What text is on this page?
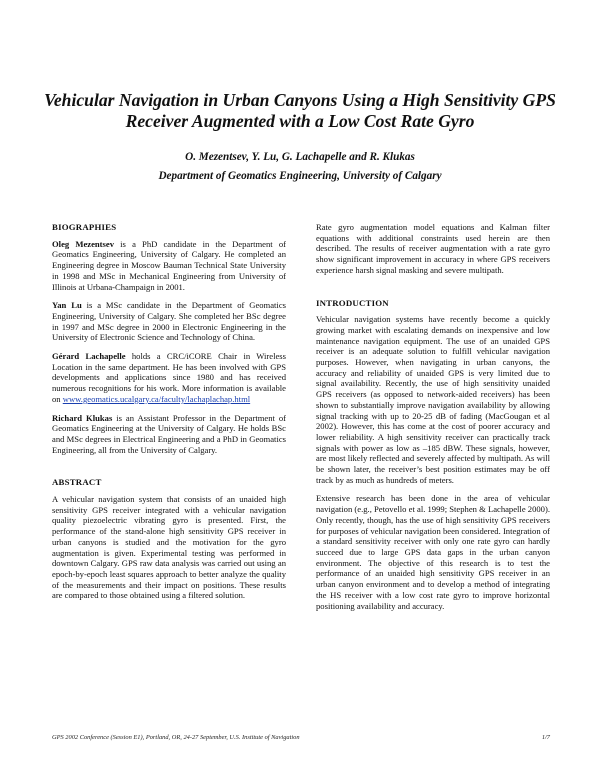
Vehicular Navigation in Urban Canyons Using a High Sensitivity GPS Receiver Augmented with a Low Cost Rate Gyro
O. Mezentsev, Y. Lu, G. Lachapelle and R. Klukas
Department of Geomatics Engineering, University of Calgary
BIOGRAPHIES

Oleg Mezentsev is a PhD candidate in the Department of Geomatics Engineering, University of Calgary. He completed an Engineering degree in Moscow Bauman Technical State University in 1998 and MSc in Mechanical Engineering from University of Illinois at Urbana-Champaign in 2001.

Yan Lu is a MSc candidate in the Department of Geomatics Engineering, University of Calgary. She completed her BSc degree in 1997 and MSc degree in 2000 in Electronic Engineering in the University of Electronic Science and Technology of China.

Gérard Lachapelle holds a CRC/iCORE Chair in Wireless Location in the same department. He has been involved with GPS developments and applications since 1980 and has received numerous recognitions for his work. More information is available on www.geomatics.ucalgary.ca/faculty/lachaplachap.html

Richard Klukas is an Assistant Professor in the Department of Geomatics Engineering at the University of Calgary. He holds BSc and MSc degrees in Electrical Engineering and a PhD in Geomatics Engineering, all from the University of Calgary.

ABSTRACT

A vehicular navigation system that consists of an unaided high sensitivity GPS receiver integrated with a vehicular navigation quality piezoelectric vibrating gyro is presented. First, the performance of the stand-alone high sensitivity GPS receiver in urban canyons is studied and the motivation for the gyro augmentation is given. Experimental testing was performed in downtown Calgary. GPS raw data analysis was carried out using an epoch-by-epoch least squares approach to better analyze the quality of the measurements and their impact on positions. These results are compared to those obtained using a filtered solution.

Rate gyro augmentation model equations and Kalman filter equations with additional constraints used herein are then described. The results of receiver augmentation with a rate gyro show significant improvement in accuracy in where GPS receivers experience harsh signal masking and severe multipath.

INTRODUCTION

Vehicular navigation systems have recently become a quickly growing market with escalating demands on inexpensive and low maintenance navigation equipment. The use of an unaided GPS receiver is an adequate solution to fulfill vehicular navigation purposes. However, when navigating in urban canyons, the accuracy and reliability of unaided GPS is very limited due to signal availability. Recently, the use of high sensitivity unaided GPS receivers (as opposed to network-aided receivers) has been shown to substantially improve navigation availability by allowing signal tracking with up to 20-25 dB of fading (MacGougan et al 2002). However, this has come at the cost of poorer accuracy and lower reliability. A high sensitivity receiver can practically track signals with power as low as –185 dBW. These signals, however, are most likely reflected and severely affected by multipath. As will be shown later, the receiver’s best position estimates may be off track by as much as hundreds of meters.

Extensive research has been done in the area of vehicular navigation (e.g., Petovello et al. 1999; Stephen & Lachapelle 2000). Only recently, though, has the use of high sensitivity GPS receivers for purposes of vehicular navigation been considered. Integration of a standard sensitivity receiver with only one rate gyro can hardly succeed due to large GPS data gaps in the urban canyon environment. The objective of this research is to test the performance of an unaided high sensitivity GPS receiver in an urban canyon environment and to develop a method of integrating the HS receiver with a low cost rate gyro to improve horizontal positioning availability and accuracy.

GPS 2002 Conference (Session E1), Portland, OR, 24-27 September, U.S. Institute of Navigation	1/7
